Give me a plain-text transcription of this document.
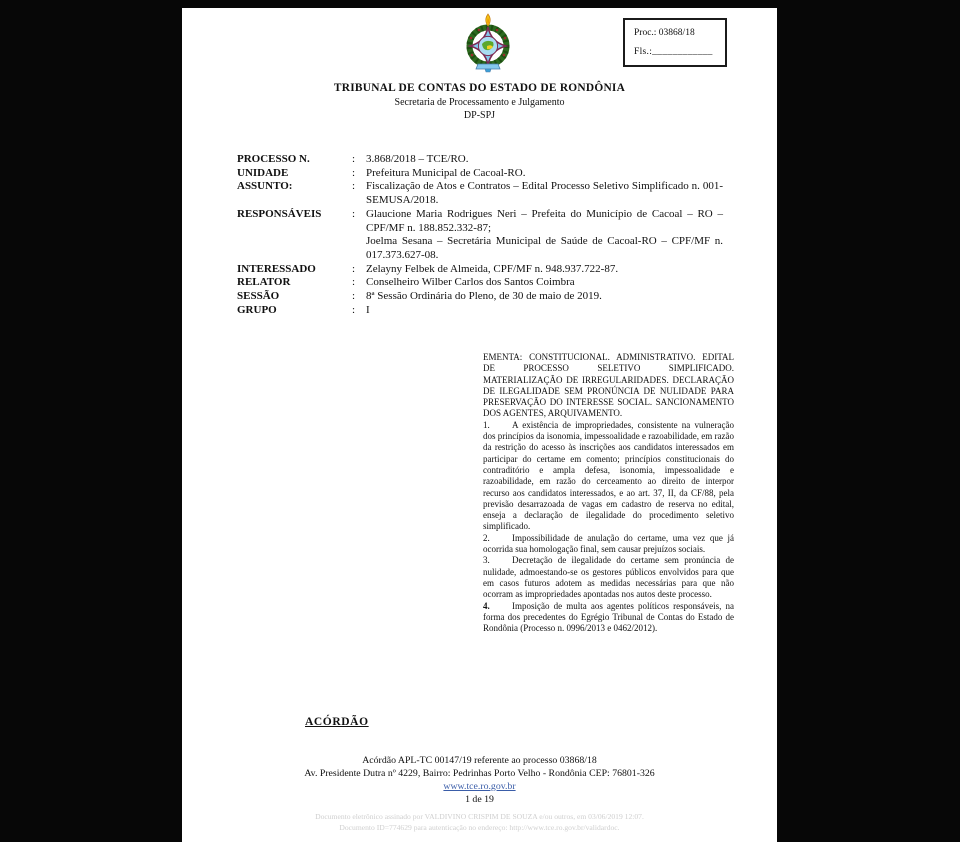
Proc.: 03868/18
Fls.:____________
TRIBUNAL DE CONTAS DO ESTADO DE RONDÔNIA
Secretaria de Processamento e Julgamento
DP-SPJ
PROCESSO N.	: 3.868/2018 – TCE/RO.
UNIDADE	: Prefeitura Municipal de Cacoal-RO.
ASSUNTO:	: Fiscalização de Atos e Contratos – Edital Processo Seletivo Simplificado n. 001-SEMUSA/2018.
RESPONSÁVEIS	: Glaucione Maria Rodrigues Neri – Prefeita do Município de Cacoal – RO – CPF/MF n. 188.852.332-87;

Joelma Sesana – Secretária Municipal de Saúde de Cacoal-RO – CPF/MF n. 017.373.627-08.

INTERESSADO	: Zelayny Felbek de Almeida, CPF/MF n. 948.937.722-87.
RELATOR	: Conselheiro Wilber Carlos dos Santos Coimbra
SESSÃO	: 8ª Sessão Ordinária do Pleno, de 30 de maio de 2019.
GRUPO	: I

EMENTA: CONSTITUCIONAL. ADMINISTRATIVO. EDITAL DE PROCESSO SELETIVO SIMPLIFICADO. MATERIALIZAÇÃO DE IRREGULARIDADES. DECLARAÇÃO DE ILEGALIDADE SEM PRONÚNCIA DE NULIDADE PARA PRESERVAÇÃO DO INTERESSE SOCIAL. SANCIONAMENTO DOS AGENTES, ARQUIVAMENTO.

1. A existência de impropriedades, consistente na vulneração dos princípios da isonomia, impessoalidade e razoabilidade, em razão da restrição do acesso às inscrições aos candidatos interessados em participar do certame em comento; princípios constitucionais do contraditório e ampla defesa, isonomia, impessoalidade e razoabilidade, em razão do cerceamento ao direito de interpor recurso aos candidatos interessados, e ao art. 37, II, da CF/88, pela previsão desarrazoada de vagas em cadastro de reserva no edital, enseja a declaração de ilegalidade do procedimento seletivo simplificado.

2. Impossibilidade de anulação do certame, uma vez que já ocorrida sua homologação final, sem causar prejuízos sociais.

3. Decretação de ilegalidade do certame sem pronúncia de nulidade, admoestando-se os gestores públicos envolvidos para que em casos futuros adotem as medidas necessárias para que não ocorram as impropriedades apontadas nos autos deste processo.

4. Imposição de multa aos agentes políticos responsáveis, na forma dos precedentes do Egrégio Tribunal de Contas do Estado de Rondônia (Processo n. 0996/2013 e 0462/2012).

ACÓRDÃO
Acórdão APL-TC 00147/19 referente ao processo 03868/18
Av. Presidente Dutra nº 4229, Bairro: Pedrinhas Porto Velho - Rondônia CEP: 76801-326
www.tce.ro.gov.br
1 de 19
Documento eletrônico assinado por VALDIVINO CRISPIM DE SOUZA e/ou outros, em 03/06/2019 12:07.
Documento ID=774629 para autenticação no endereço: http://www.tce.ro.gov.br/validardoc.
